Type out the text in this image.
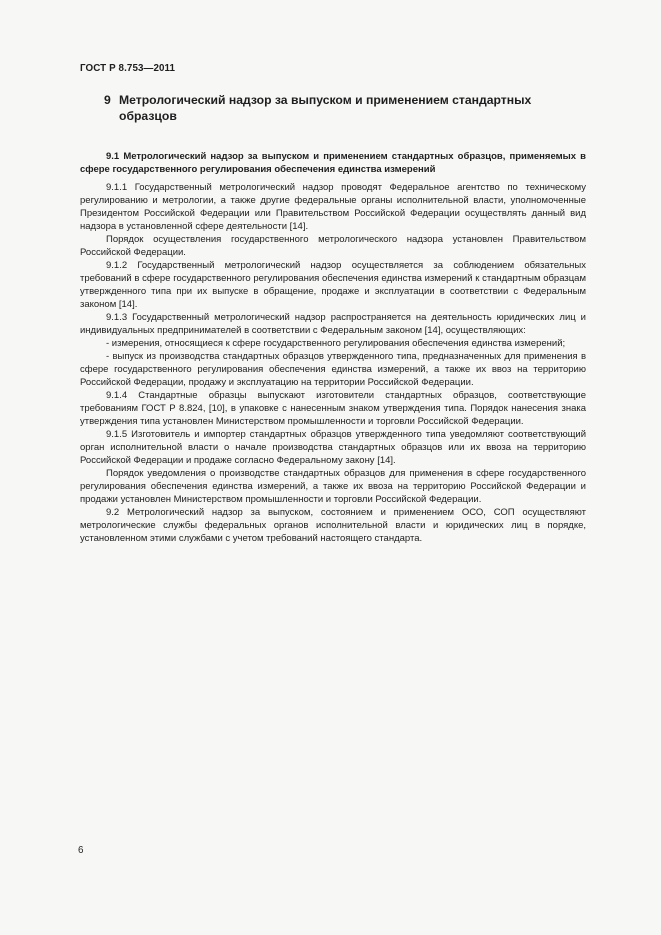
ГОСТ Р 8.753—2011
9 Метрологический надзор за выпуском и применением стандартных
образцов

9.1 Метрологический надзор за выпуском и применением стандартных образцов, применяемых в сфере государственного регулирования обеспечения единства измерений

9.1.1 Государственный метрологический надзор проводят Федеральное агентство по техническому регулированию и метрологии, а также другие федеральные органы исполнительной власти, уполномоченные Президентом Российской Федерации или Правительством Российской Федерации осуществлять данный вид надзора в установленной сфере деятельности [14].

Порядок осуществления государственного метрологического надзора установлен Правительством Российской Федерации.

9.1.2 Государственный метрологический надзор осуществляется за соблюдением обязательных требований в сфере государственного регулирования обеспечения единства измерений к стандартным образцам утвержденного типа при их выпуске в обращение, продаже и эксплуатации в соответствии с Федеральным законом [14].

9.1.3 Государственный метрологический надзор распространяется на деятельность юридических лиц и индивидуальных предпринимателей в соответствии с Федеральным законом [14], осуществляющих:

- измерения, относящиеся к сфере государственного регулирования обеспечения единства измерений;

- выпуск из производства стандартных образцов утвержденного типа, предназначенных для применения в сфере государственного регулирования обеспечения единства измерений, а также их ввоз на территорию Российской Федерации, продажу и эксплуатацию на территории Российской Федерации.

9.1.4 Стандартные образцы выпускают изготовители стандартных образцов, соответствующие требованиям ГОСТ Р 8.824, [10], в упаковке с нанесенным знаком утверждения типа. Порядок нанесения знака утверждения типа установлен Министерством промышленности и торговли Российской Федерации.

9.1.5 Изготовитель и импортер стандартных образцов утвержденного типа уведомляют соответствующий орган исполнительной власти о начале производства стандартных образцов или их ввоза на территорию Российской Федерации и продаже согласно Федеральному закону [14].

Порядок уведомления о производстве стандартных образцов для применения в сфере государственного регулирования обеспечения единства измерений, а также их ввоза на территорию Российской Федерации и продажи установлен Министерством промышленности и торговли Российской Федерации.

9.2 Метрологический надзор за выпуском, состоянием и применением ОСО, СОП осуществляют метрологические службы федеральных органов исполнительной власти и юридических лиц в порядке, установленном этими службами с учетом требований настоящего стандарта.

6
